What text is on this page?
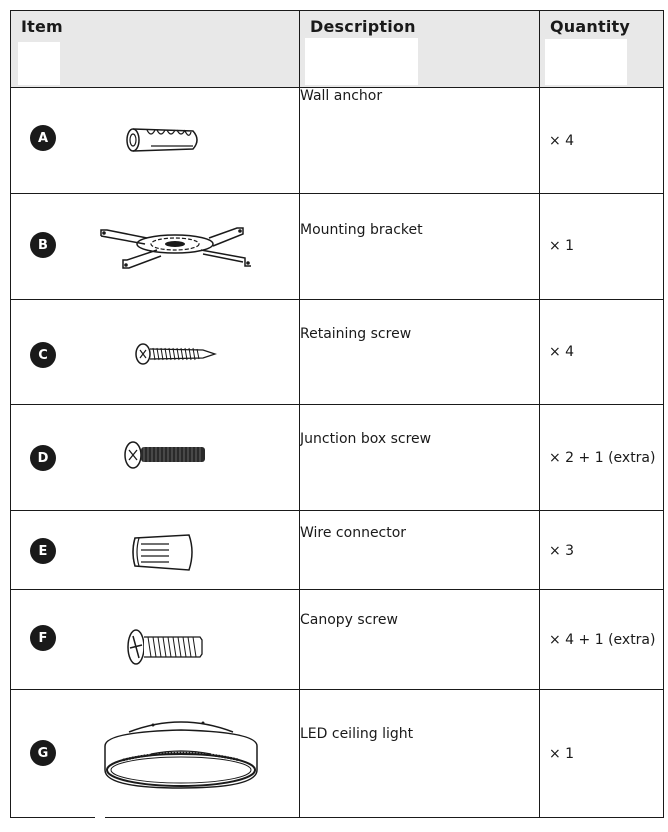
Item	Description	Quantity

A	Wall anchor	× 4

B	Mounting bracket	× 1

C	Retaining screw	× 4

D	Junction box screw	× 2 + 1 (extra)

E	Wire connector	× 3

F	Canopy screw	× 4 + 1 (extra)

G	LED ceiling light	× 1
